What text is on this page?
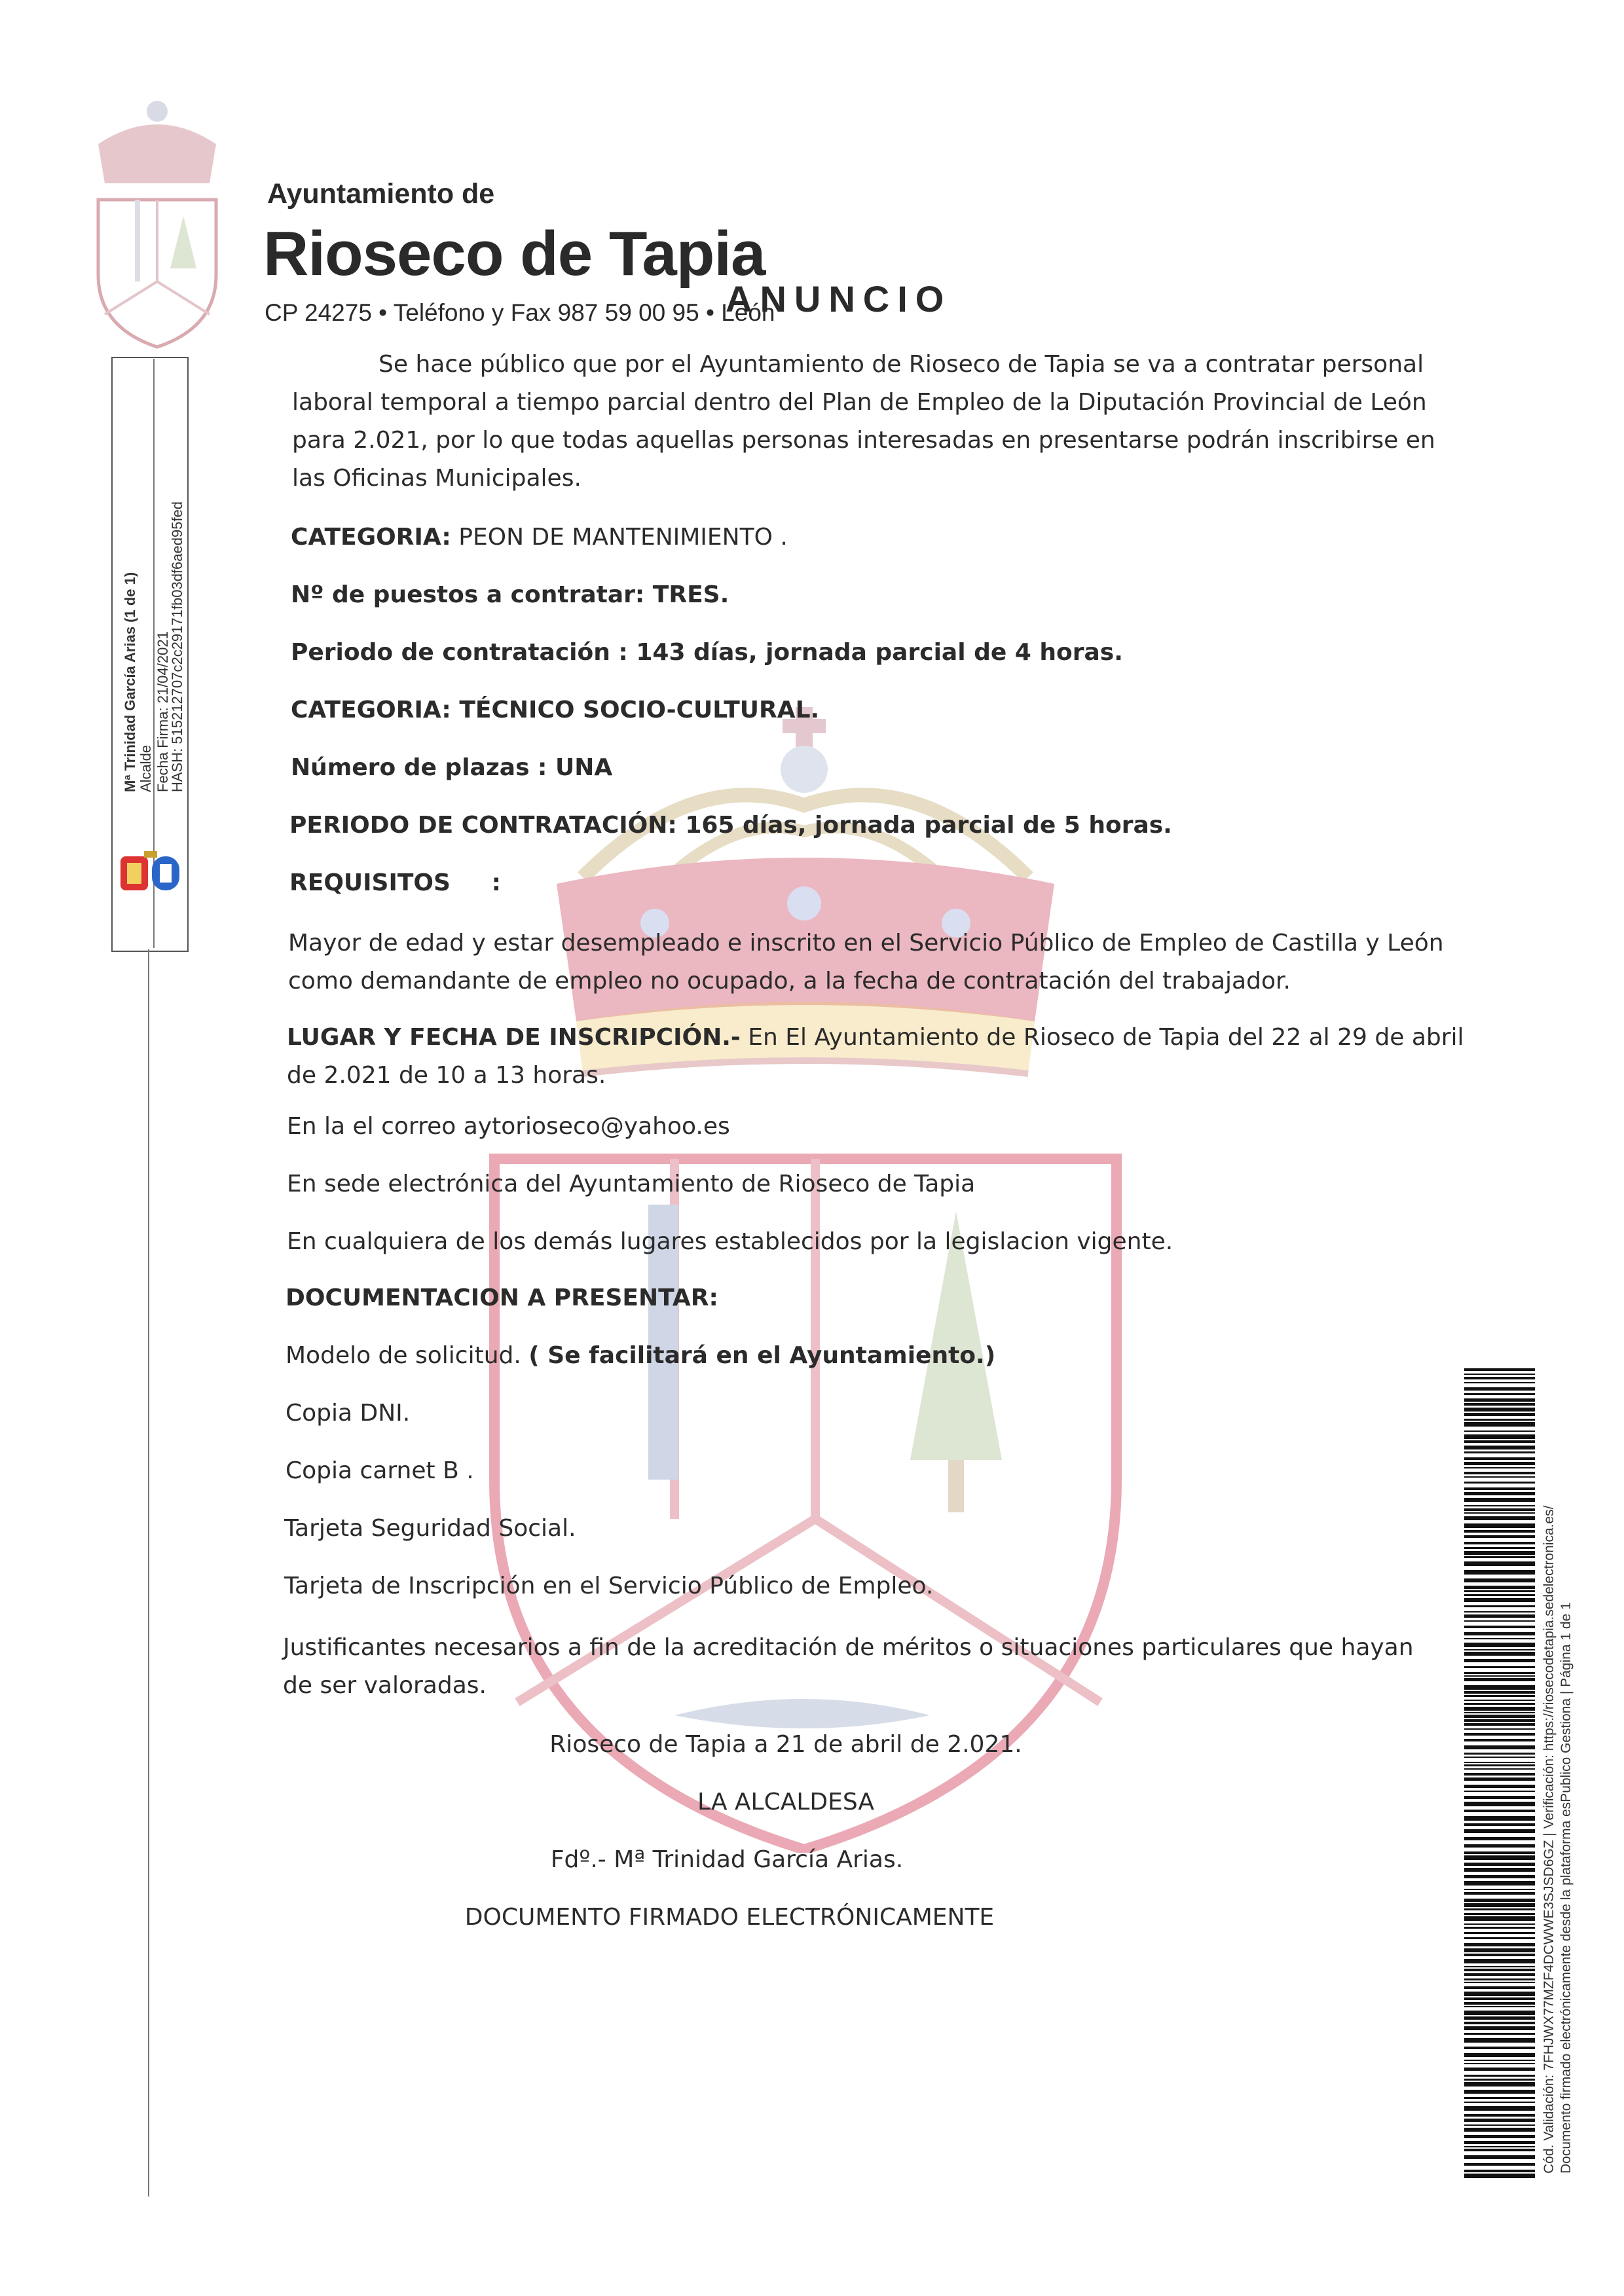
Ayuntamiento de
Rioseco de Tapia
CP 24275 • Teléfono y Fax 987 59 00 95 • León
ANUNCIO
Se hace público que por el Ayuntamiento de Rioseco de Tapia se va a contratar personal
laboral temporal a tiempo parcial dentro del Plan de Empleo de la Diputación Provincial de León
para 2.021, por lo que todas aquellas personas interesadas en presentarse podrán inscribirse en
las Oficinas Municipales.
CATEGORIA: PEON DE MANTENIMIENTO .
Nº de puestos a contratar: TRES.
Periodo de contratación : 143 días, jornada parcial de 4 horas.
CATEGORIA: TÉCNICO SOCIO-CULTURAL.
Número de plazas : UNA
PERIODO DE CONTRATACIÓN: 165 días, jornada parcial de 5 horas.
REQUISITOS     :
Mayor de edad y estar desempleado e inscrito en el Servicio Público de Empleo de Castilla y León
como demandante de empleo no ocupado, a la fecha de contratación del trabajador.
LUGAR Y FECHA DE INSCRIPCIÓN.- En El Ayuntamiento de Rioseco de Tapia del 22 al 29 de abril
de 2.021 de 10 a 13 horas.
En la el correo aytorioseco@yahoo.es
En sede electrónica del Ayuntamiento de Rioseco de Tapia
En cualquiera de los demás lugares establecidos por la legislacion vigente.
DOCUMENTACION A PRESENTAR:
Modelo de solicitud. ( Se facilitará en el Ayuntamiento.)
Copia DNI.
Copia carnet B .
Tarjeta Seguridad Social.
Tarjeta de Inscripción en el Servicio Público de Empleo.
Justificantes necesarios a fin de la acreditación de méritos o situaciones particulares que hayan
de ser valoradas.
Rioseco de Tapia a 21 de abril de 2.021.
LA ALCALDESA
Fdº.- Mª Trinidad García Arias.
DOCUMENTO FIRMADO ELECTRÓNICAMENTE
Mª Trinidad García Arias (1 de 1) Alcalde Fecha Firma: 21/04/2021
HASH: 515212707c2c29171fb03df6aed95fed
Cód. Validación: 7FHJWX77MZF4DCWWE3SJSD6GZ | Verificación: https://riosecodetapia.sedelectronica.es/ Documento firmado electrónicamente desde la plataforma esPublico Gestiona | Página 1 de 1
